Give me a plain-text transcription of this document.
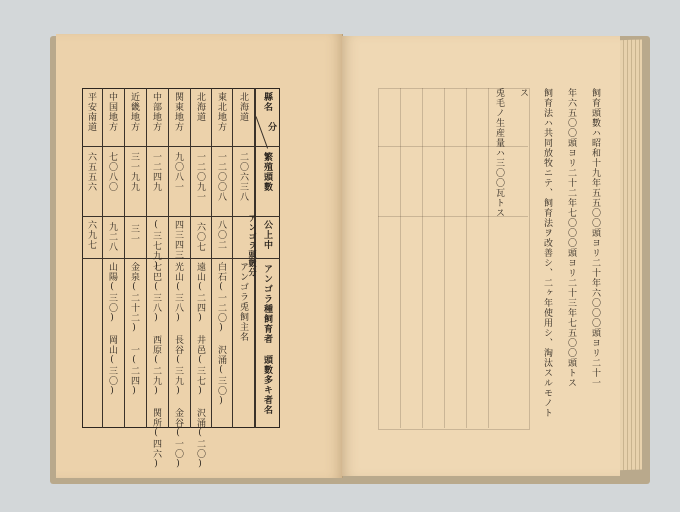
縣名
分
繁殖頭數
公上中
アンゴラ頭數分
アンゴラ種飼育者 頭數多キ者名
北海道
二〇六三八
アンゴラ兎飼主名
東北地方
一二〇〇八
八〇二
白石(一二〇) 沢涌(三〇)
北海道
一二〇九一
六〇七
遠山(二四) 井邑(三七) 沢涌(二〇)
関東地方
九〇八一
四三四三
光山(三八) 長谷(三九) 金谷(一〇)
中部地方
一二四九
(三七九)
七巴(三八) 西原(二九) 関所(四六)
近畿地方
三一九九
三一
金泉(二十二) 一(二四)
中国地方
七〇八〇
九二八
山陽(三〇) 岡山(三〇)
平安南道
六五五六
六九七	飼育頭數ハ昭和十九年五五〇〇頭ヨリ二十年六〇〇〇頭ヨリ二十一
年六五〇〇頭ヨリ二十二年七〇〇〇頭ヨリ二十三年七五〇〇頭トス
飼育法ハ共同放牧ニテ、飼育法ヲ改善シ、二ヶ年使用シ、淘汰スルモノト
ス
兎毛ノ生産量ハ三〇〇瓦トス
